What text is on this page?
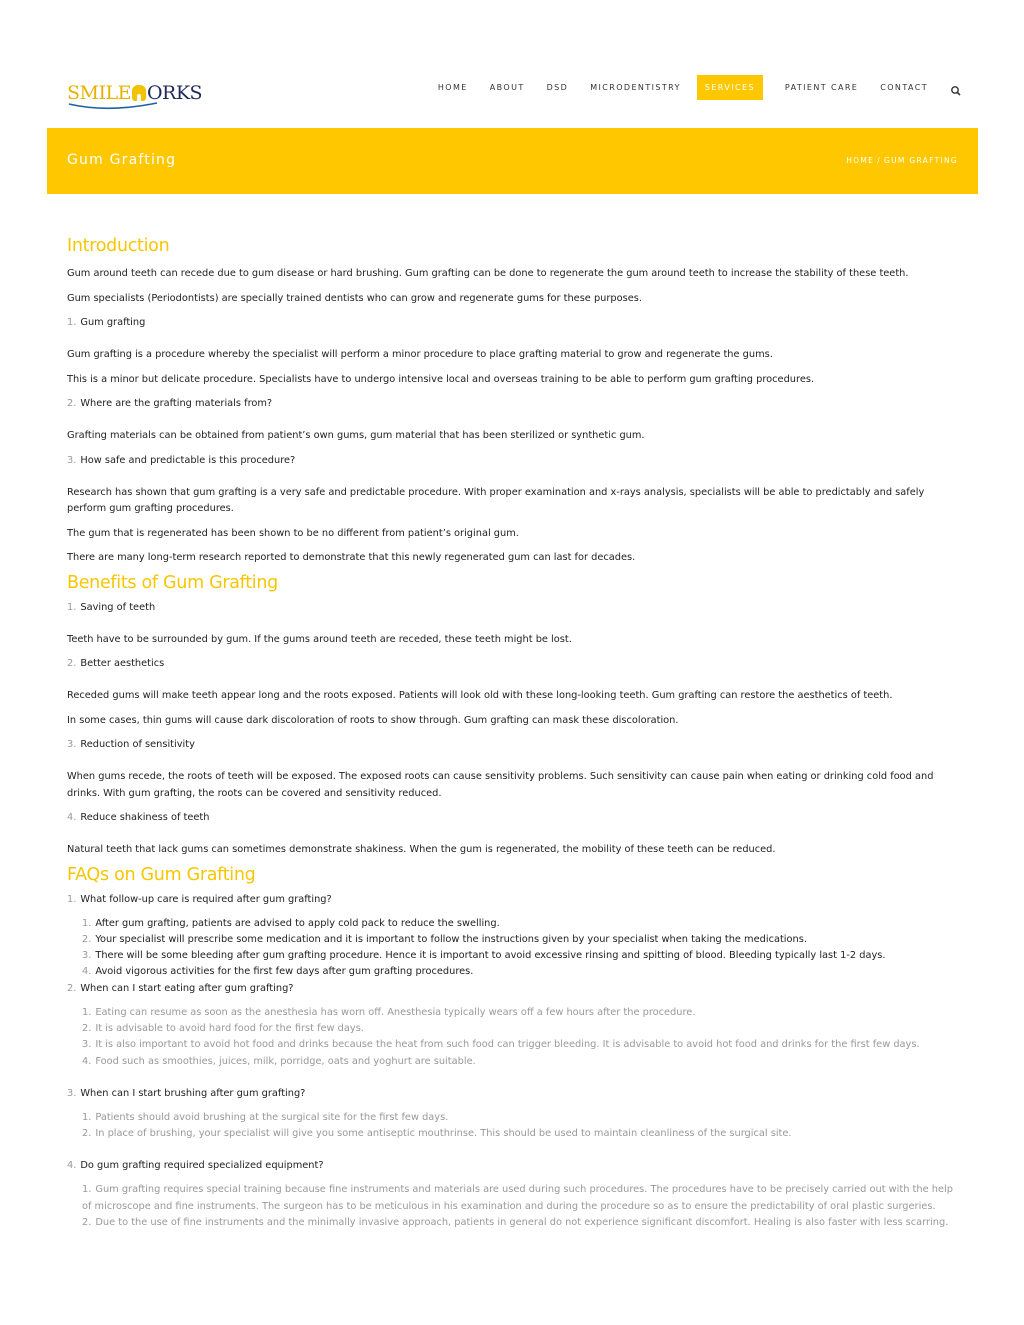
SMILE ORKS	HOME	ABOUT	DSD	MICRODENTISTRY	SERVICES	PATIENT CARE	CONTACT
Gum Grafting	HOME / GUM GRAFTING
Introduction

Gum around teeth can recede due to gum disease or hard brushing. Gum grafting can be done to regenerate the gum around teeth to increase the stability of these teeth.

Gum specialists (Periodontists) are specially trained dentists who can grow and regenerate gums for these purposes.

1. Gum grafting

Gum grafting is a procedure whereby the specialist will perform a minor procedure to place grafting material to grow and regenerate the gums.

This is a minor but delicate procedure. Specialists have to undergo intensive local and overseas training to be able to perform gum grafting procedures.

2. Where are the grafting materials from?

Grafting materials can be obtained from patient’s own gums, gum material that has been sterilized or synthetic gum.

3. How safe and predictable is this procedure?

Research has shown that gum grafting is a very safe and predictable procedure. With proper examination and x-rays analysis, specialists will be able to predictably and safely perform gum grafting procedures.

The gum that is regenerated has been shown to be no different from patient’s original gum.

There are many long-term research reported to demonstrate that this newly regenerated gum can last for decades.

Benefits of Gum Grafting
1. Saving of teeth

Teeth have to be surrounded by gum. If the gums around teeth are receded, these teeth might be lost.

2. Better aesthetics

Receded gums will make teeth appear long and the roots exposed. Patients will look old with these long-looking teeth. Gum grafting can restore the aesthetics of teeth.

In some cases, thin gums will cause dark discoloration of roots to show through. Gum grafting can mask these discoloration.

3. Reduction of sensitivity

When gums recede, the roots of teeth will be exposed. The exposed roots can cause sensitivity problems. Such sensitivity can cause pain when eating or drinking cold food and drinks. With gum grafting, the roots can be covered and sensitivity reduced.

4. Reduce shakiness of teeth

Natural teeth that lack gums can sometimes demonstrate shakiness. When the gum is regenerated, the mobility of these teeth can be reduced.

FAQs on Gum Grafting
1. What follow-up care is required after gum grafting?
1. After gum grafting, patients are advised to apply cold pack to reduce the swelling.
2. Your specialist will prescribe some medication and it is important to follow the instructions given by your specialist when taking the medications.
3. There will be some bleeding after gum grafting procedure. Hence it is important to avoid excessive rinsing and spitting of blood. Bleeding typically last 1-2 days.
4. Avoid vigorous activities for the first few days after gum grafting procedures.
2. When can I start eating after gum grafting?
1. Eating can resume as soon as the anesthesia has worn off. Anesthesia typically wears off a few hours after the procedure.
2. It is advisable to avoid hard food for the first few days.
3. It is also important to avoid hot food and drinks because the heat from such food can trigger bleeding. It is advisable to avoid hot food and drinks for the first few days.
4. Food such as smoothies, juices, milk, porridge, oats and yoghurt are suitable.
3. When can I start brushing after gum grafting?
1. Patients should avoid brushing at the surgical site for the first few days.
2. In place of brushing, your specialist will give you some antiseptic mouthrinse. This should be used to maintain cleanliness of the surgical site.
4. Do gum grafting required specialized equipment?
1. Gum grafting requires special training because fine instruments and materials are used during such procedures. The procedures have to be precisely carried out with the help of microscope and fine instruments. The surgeon has to be meticulous in his examination and during the procedure so as to ensure the predictability of oral plastic surgeries.
2. Due to the use of fine instruments and the minimally invasive approach, patients in general do not experience significant discomfort. Healing is also faster with less scarring.
